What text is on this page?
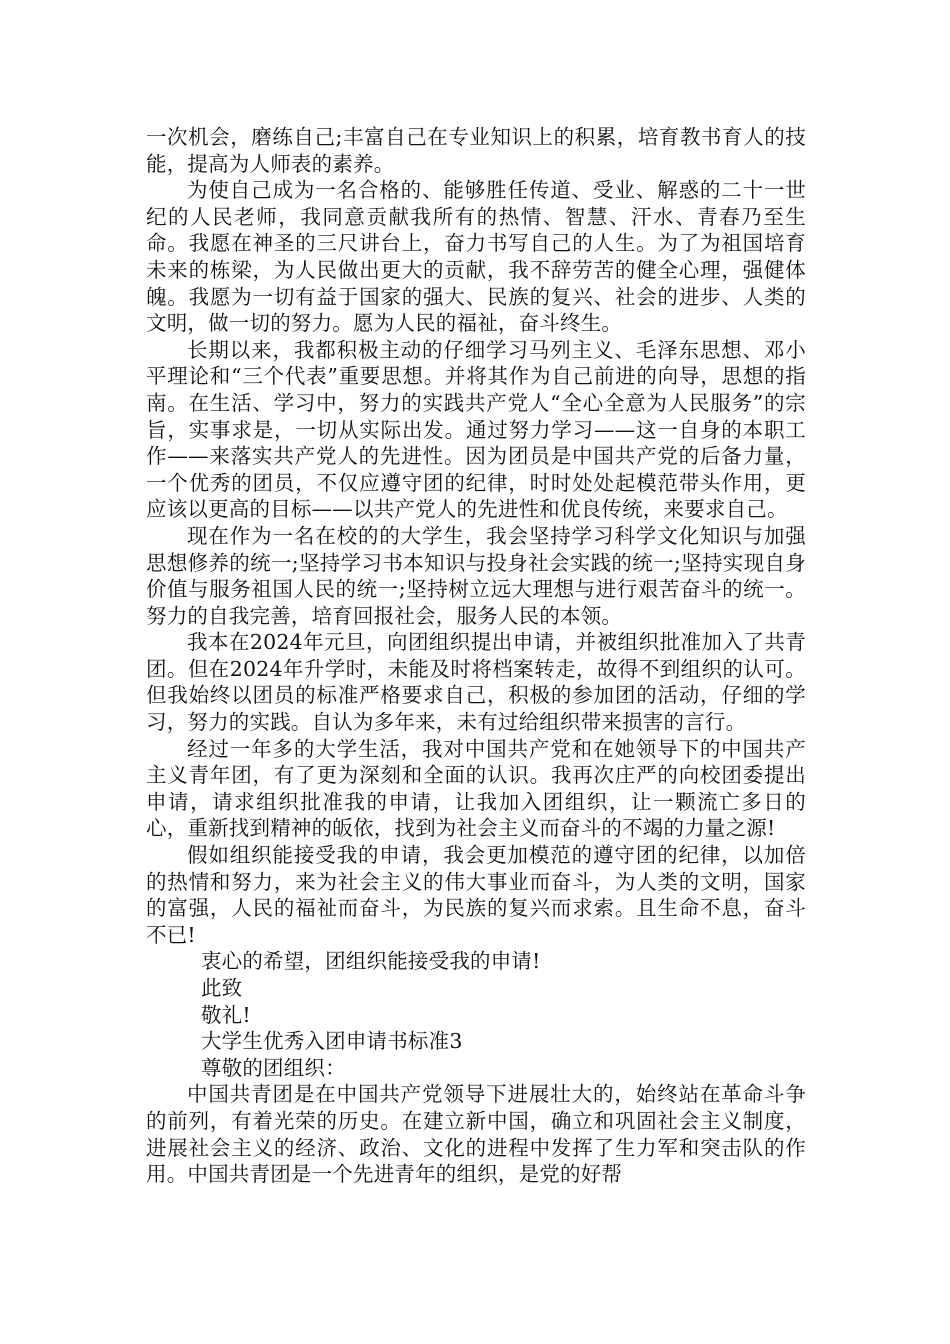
一次机会，磨练自己;丰富自己在专业知识上的积累，培育教书育人的技能，提高为人师表的素养。

为使自己成为一名合格的、能够胜任传道、受业、解惑的二十一世纪的人民老师，我同意贡献我所有的热情、智慧、汗水、青春乃至生命。我愿在神圣的三尺讲台上，奋力书写自己的人生。为了为祖国培育未来的栋梁，为人民做出更大的贡献，我不辞劳苦的健全心理，强健体魄。我愿为一切有益于国家的强大、民族的复兴、社会的进步、人类的文明，做一切的努力。愿为人民的福祉，奋斗终生。

长期以来，我都积极主动的仔细学习马列主义、毛泽东思想、邓小平理论和“三个代表”重要思想。并将其作为自己前进的向导，思想的指南。在生活、学习中，努力的实践共产党人“全心全意为人民服务”的宗旨，实事求是，一切从实际出发。通过努力学习——这一自身的本职工作——来落实共产党人的先进性。因为团员是中国共产党的后备力量，一个优秀的团员，不仅应遵守团的纪律，时时处处起模范带头作用，更应该以更高的目标——以共产党人的先进性和优良传统，来要求自己。

现在作为一名在校的的大学生，我会坚持学习科学文化知识与加强思想修养的统一;坚持学习书本知识与投身社会实践的统一;坚持实现自身价值与服务祖国人民的统一;坚持树立远大理想与进行艰苦奋斗的统一。努力的自我完善，培育回报社会，服务人民的本领。

我本在2024年元旦，向团组织提出申请，并被组织批准加入了共青团。但在2024年升学时，未能及时将档案转走，故得不到组织的认可。但我始终以团员的标准严格要求自己，积极的参加团的活动，仔细的学习，努力的实践。自认为多年来，未有过给组织带来损害的言行。

经过一年多的大学生活，我对中国共产党和在她领导下的中国共产主义青年团，有了更为深刻和全面的认识。我再次庄严的向校团委提出申请，请求组织批准我的申请，让我加入团组织，让一颗流亡多日的心，重新找到精神的皈依，找到为社会主义而奋斗的不竭的力量之源!

假如组织能接受我的申请，我会更加模范的遵守团的纪律，以加倍的热情和努力，来为社会主义的伟大事业而奋斗，为人类的文明，国家的富强，人民的福祉而奋斗，为民族的复兴而求索。且生命不息，奋斗不已!

衷心的希望，团组织能接受我的申请!

此致

敬礼!

大学生优秀入团申请书标准3

尊敬的团组织：

中国共青团是在中国共产党领导下进展壮大的，始终站在革命斗争的前列，有着光荣的历史。在建立新中国，确立和巩固社会主义制度，进展社会主义的经济、政治、文化的进程中发挥了生力军和突击队的作用。中国共青团是一个先进青年的组织，是党的好帮
